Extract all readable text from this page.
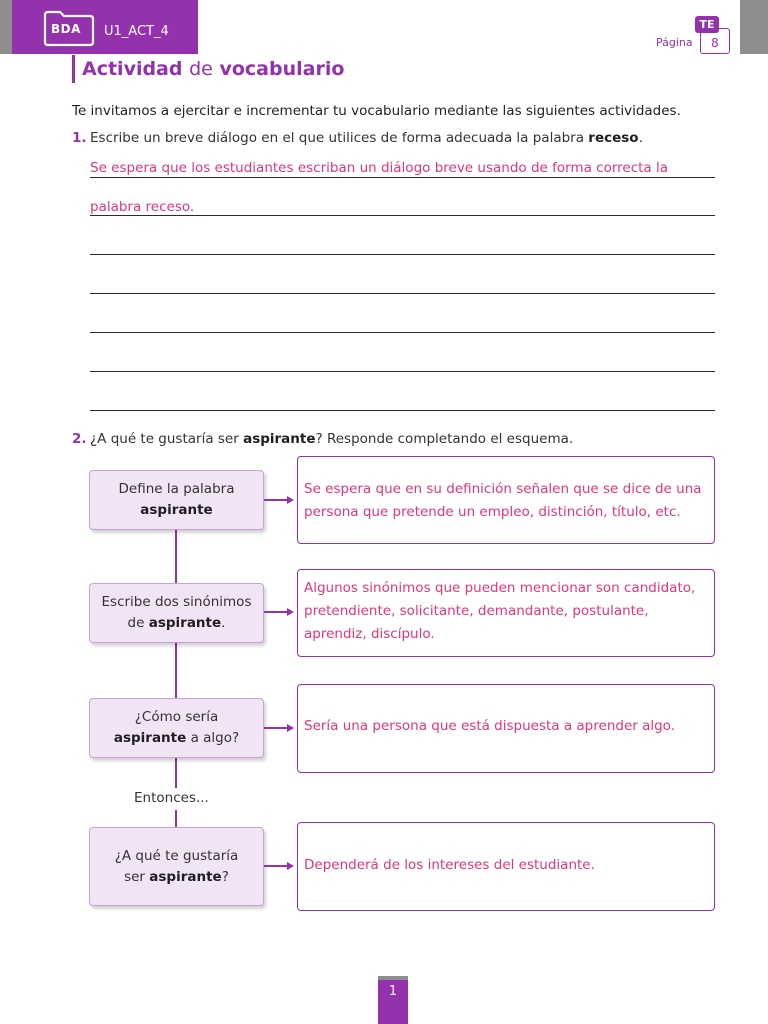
BDA U1_ACT_4
Página	8
TE
Actividad de vocabulario

Te invitamos a ejercitar e incrementar tu vocabulario mediante las siguientes actividades.

1. Escribe un breve diálogo en el que utilices de forma adecuada la palabra receso.

Se espera que los estudiantes escriban un diálogo breve usando de forma correcta la
palabra receso.
2. ¿A qué te gustaría ser aspirante? Responde completando el esquema.

Define la palabra
aspirante
Se espera que en su definición señalen que se dice de una persona que pretende un empleo, distinción, título, etc.
Escribe dos sinónimos
de aspirante.
Algunos sinónimos que pueden mencionar son candidato, pretendiente, solicitante, demandante, postulante, aprendiz, discípulo.
¿Cómo sería
aspirante a algo?
Sería una persona que está dispuesta a aprender algo.
Entonces...
¿A qué te gustaría
ser aspirante?
Dependerá de los intereses del estudiante.
1
